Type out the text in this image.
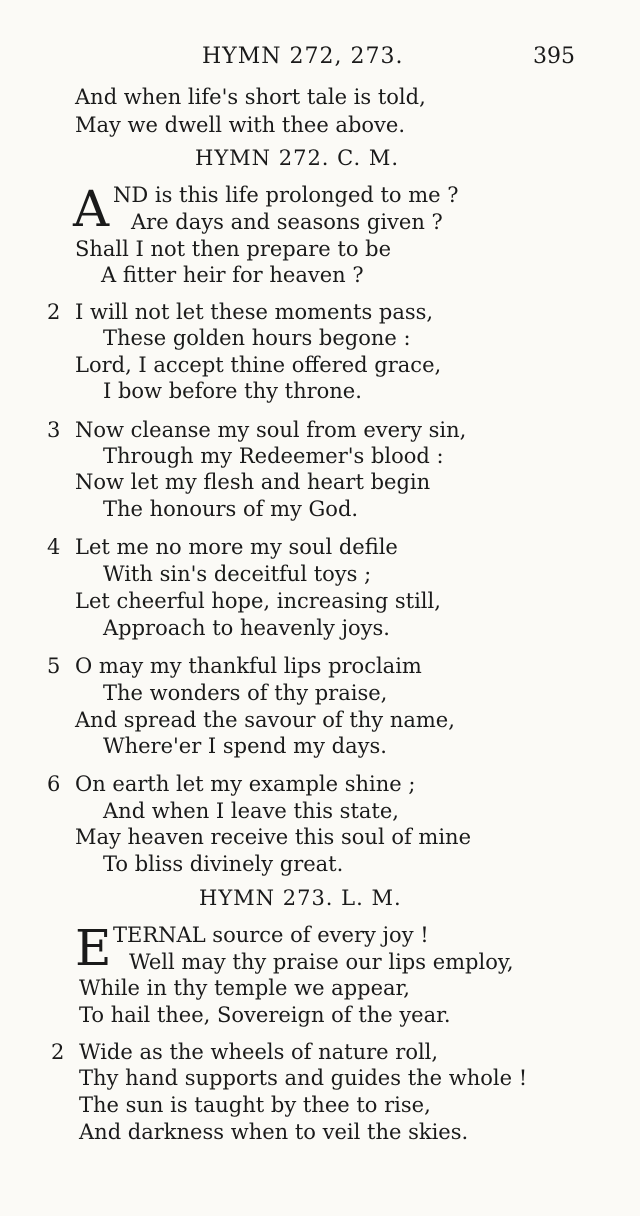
HYMN 272, 273.	395
And when life's short tale is told,
May we dwell with thee above.
HYMN 272. C. M.
A ND is this life prolonged to me ?
Are days and seasons given ?
Shall I not then prepare to be
A fitter heir for heaven ?
2 I will not let these moments pass,
These golden hours begone :
Lord, I accept thine offered grace,
I bow before thy throne.
3 Now cleanse my soul from every sin,
Through my Redeemer's blood :
Now let my flesh and heart begin
The honours of my God.
4 Let me no more my soul defile
With sin's deceitful toys ;
Let cheerful hope, increasing still,
Approach to heavenly joys.
5 O may my thankful lips proclaim
The wonders of thy praise,
And spread the savour of thy name,
Where'er I spend my days.
6 On earth let my example shine ;
And when I leave this state,
May heaven receive this soul of mine
To bliss divinely great.
HYMN 273. L. M.
E TERNAL source of every joy !
Well may thy praise our lips employ,
While in thy temple we appear,
To hail thee, Sovereign of the year.
2 Wide as the wheels of nature roll,
Thy hand supports and guides the whole !
The sun is taught by thee to rise,
And darkness when to veil the skies.
